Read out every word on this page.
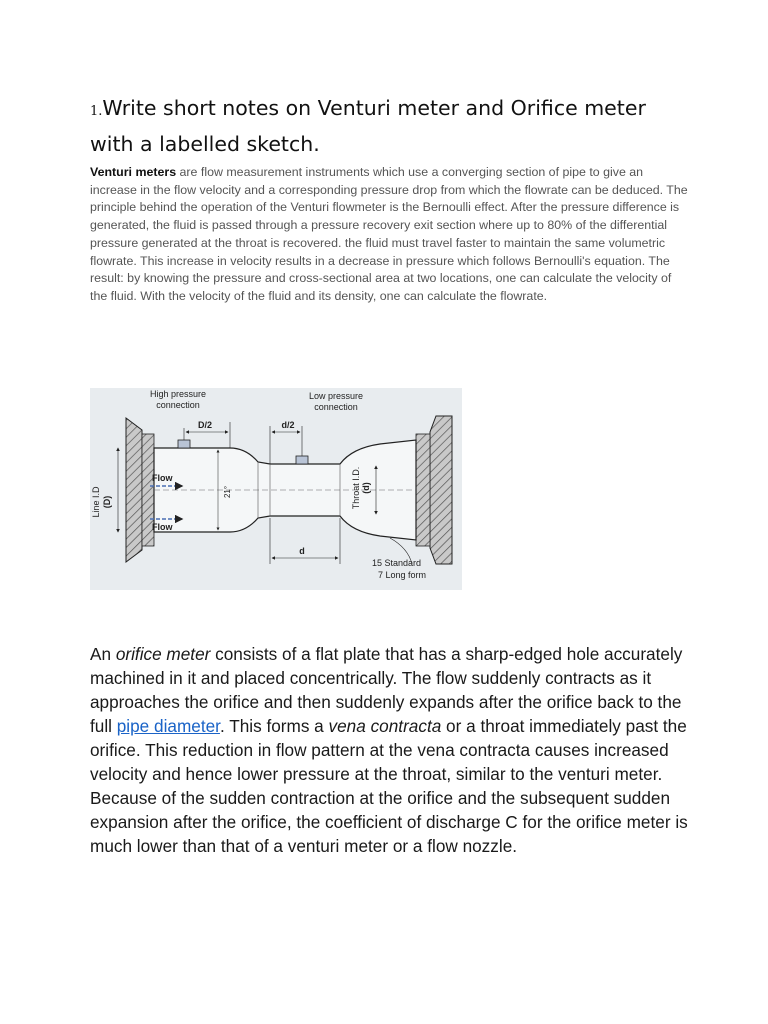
1.Write short notes on Venturi meter and Orifice meter with a labelled sketch.
Venturi meters are flow measurement instruments which use a converging section of pipe to give an increase in the flow velocity and a corresponding pressure drop from which the flowrate can be deduced. The principle behind the operation of the Venturi flowmeter is the Bernoulli effect. After the pressure difference is generated, the fluid is passed through a pressure recovery exit section where up to 80% of the differential pressure generated at the throat is recovered. the fluid must travel faster to maintain the same volumetric flowrate. This increase in velocity results in a decrease in pressure which follows Bernoulli's equation. The result: by knowing the pressure and cross-sectional area at two locations, one can calculate the velocity of the fluid. With the velocity of the fluid and its density, one can calculate the flowrate.
High pressure
connection
Low pressure
connection
D/2	d/2
Flow
Flow
Line I.D (D)
21°	Throat I.D. (d)
d
15 Standard
7 Long form
An orifice meter consists of a flat plate that has a sharp-edged hole accurately machined in it and placed concentrically. The flow suddenly contracts as it approaches the orifice and then suddenly expands after the orifice back to the full pipe diameter. This forms a vena contracta or a throat immediately past the orifice. This reduction in flow pattern at the vena contracta causes increased velocity and hence lower pressure at the throat, similar to the venturi meter. Because of the sudden contraction at the orifice and the subsequent sudden expansion after the orifice, the coefficient of discharge C for the orifice meter is much lower than that of a venturi meter or a flow nozzle.
